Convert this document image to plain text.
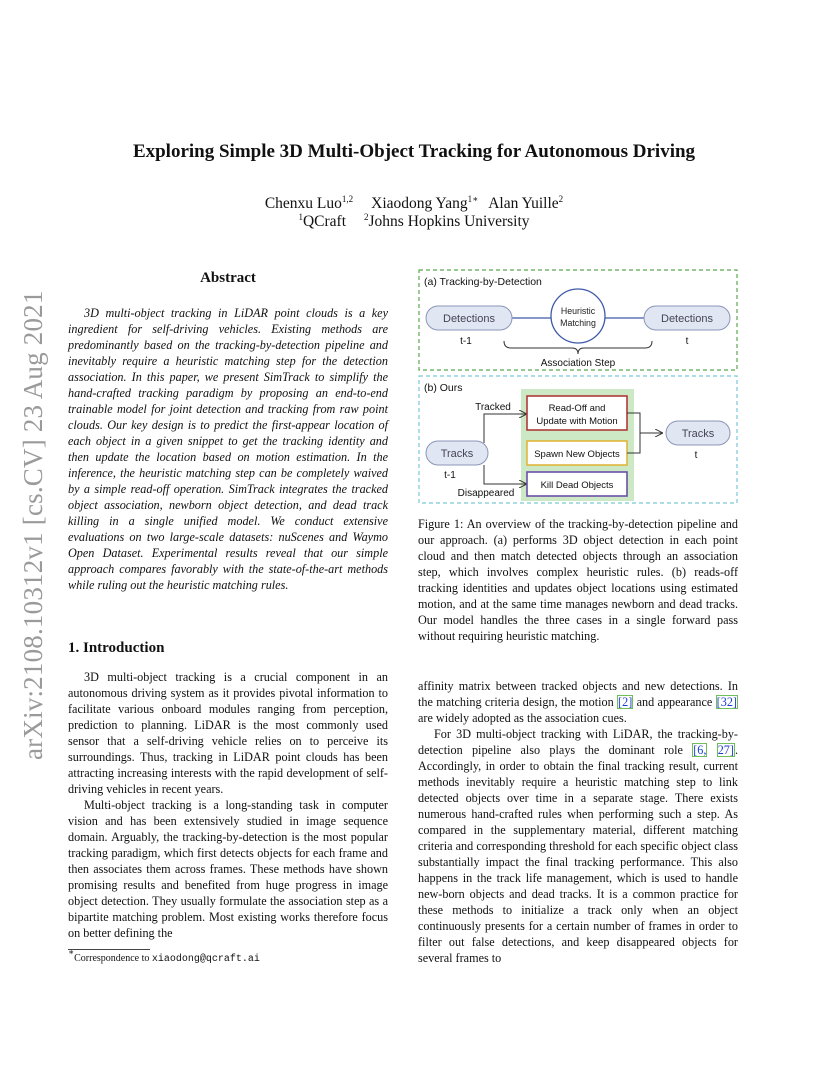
arXiv:2108.10312v1 [cs.CV] 23 Aug 2021
Exploring Simple 3D Multi-Object Tracking for Autonomous Driving
Chenxu Luo$^{1,2}$ Xiaodong Yang$^{1∗}$ Alan Yuille$^2$
$^1$QCraft $^2$Johns Hopkins University
Abstract

3D multi-object tracking in LiDAR point clouds is a key ingredient for self-driving vehicles. Existing methods are predominantly based on the tracking-by-detection pipeline and inevitably require a heuristic matching step for the detection association. In this paper, we present SimTrack to simplify the hand-crafted tracking paradigm by proposing an end-to-end trainable model for joint detection and tracking from raw point clouds. Our key design is to predict the first-appear location of each object in a given snippet to get the tracking identity and then update the location based on motion estimation. In the inference, the heuristic matching step can be completely waived by a simple read-off operation. SimTrack integrates the tracked object association, newborn object detection, and dead track killing in a single unified model. We conduct extensive evaluations on two large-scale datasets: nuScenes and Waymo Open Dataset. Experimental results reveal that our simple approach compares favorably with the state-of-the-art methods while ruling out the heuristic matching rules.

1. Introduction

3D multi-object tracking is a crucial component in an autonomous driving system as it provides pivotal information to facilitate various onboard modules ranging from perception, prediction to planning. LiDAR is the most commonly used sensor that a self-driving vehicle relies on to perceive its surroundings. Thus, tracking in LiDAR point clouds has been attracting increasing interests with the rapid development of self-driving vehicles in recent years.

Multi-object tracking is a long-standing task in computer vision and has been extensively studied in image sequence domain. Arguably, the tracking-by-detection is the most popular tracking paradigm, which first detects objects for each frame and then associates them across frames. These methods have shown promising results and benefited from huge progress in image object detection. They usually formulate the association step as a bipartite matching problem. Most existing works therefore focus on better defining the

∗Correspondence to xiaodong@qcraft.ai
(a) Tracking-by-Detection
Detections
Heuristic
Matching	Detections
t-1	t
Association Step
(b) Ours
Tracked
Disappeared
Tracks
t-1
Read-Off and
Update with Motion
Spawn New Objects
Kill Dead Objects
Tracks
t
Figure 1: An overview of the tracking-by-detection pipeline and our approach. (a) performs 3D object detection in each point cloud and then match detected objects through an association step, which involves complex heuristic rules. (b) reads-off tracking identities and updates object locations using estimated motion, and at the same time manages newborn and dead tracks. Our model handles the three cases in a single forward pass without requiring heuristic matching.

affinity matrix between tracked objects and new detections. In the matching criteria design, the motion [2] and appearance [32] are widely adopted as the association cues.

For 3D multi-object tracking with LiDAR, the tracking-by-detection pipeline also plays the dominant role [6, 27]. Accordingly, in order to obtain the final tracking result, current methods inevitably require a heuristic matching step to link detected objects over time in a separate stage. There exists numerous hand-crafted rules when performing such a step. As compared in the supplementary material, different matching criteria and corresponding threshold for each specific object class substantially impact the final tracking performance. This also happens in the track life management, which is used to handle new-born objects and dead tracks. It is a common practice for these methods to initialize a track only when an object continuously presents for a certain number of frames in order to filter out false detections, and keep disappeared objects for several frames to
